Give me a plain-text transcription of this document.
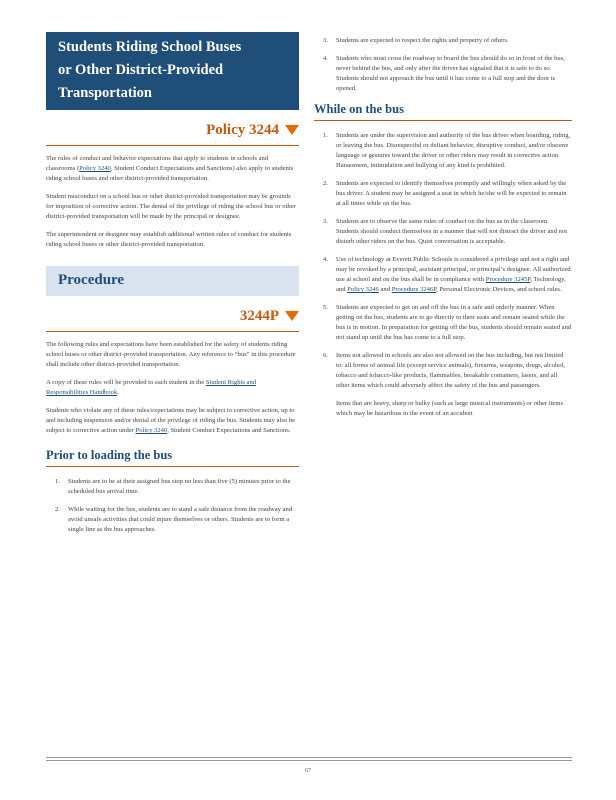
Students Riding School Buses
or Other District-Provided
Transportation
Policy 3244

The rules of conduct and behavior expectations that apply to students in schools and classrooms (Policy 3240, Student Conduct Expectations and Sanctions) also apply to students riding school buses and other district-provided transportation.

Student misconduct on a school bus or other district-provided transportation may be grounds for imposition of corrective action. The denial of the privilege of riding the school bus or other district-provided transportation will be made by the principal or designee.

The superintendent or designee may establish additional written rules of conduct for students riding school buses or other district-provided transportation.

Procedure
3244P

The following rules and expectations have been established for the safety of students riding school buses or other district-provided transportation. Any reference to “bus” in this procedure shall include other district-provided transportation.

A copy of these rules will be provided to each student in the Student Rights and Responsibilities Handbook.

Students who violate any of these rules/expectations may be subject to corrective action, up to and including suspension and/or denial of the privilege of riding the bus. Students may also be subject to corrective action under Policy 3240, Student Conduct Expectations and Sanctions.

Prior to loading the bus
1. Students are to be at their assigned bus stop no less than five (5) minutes prior to the scheduled bus arrival time.
2. While waiting for the bus, students are to stand a safe distance from the roadway and avoid unsafe activities that could injure themselves or others. Students are to form a single line as the bus approaches.
3. Students are expected to respect the rights and property of others.
4. Students who must cross the roadway to board the bus should do so in front of the bus, never behind the bus, and only after the driver has signaled that it is safe to do so. Students should not approach the bus until it has come to a full stop and the door is opened.
While on the bus
1. Students are under the supervision and authority of the bus driver when boarding, riding, or leaving the bus. Disrespectful or defiant behavior, disruptive conduct, and/or obscene language or gestures toward the driver or other riders may result in corrective action. Harassment, intimidation and bullying of any kind is prohibited.
2. Students are expected to identify themselves promptly and willingly when asked by the bus driver. A student may be assigned a seat in which he/she will be expected to remain at all times while on the bus.
3. Students are to observe the same rules of conduct on the bus as in the classroom. Students should conduct themselves in a manner that will not distract the driver and not disturb other riders on the bus. Quiet conversation is acceptable.
4. Use of technology at Everett Public Schools is considered a privilege and not a right and may be revoked by a principal, assistant principal, or principal’s designee. All authorized use at school and on the bus shall be in compliance with Procedure 3245P, Technology, and Policy 3246 and Procedure 3246P, Personal Electronic Devices, and school rules.
5. Students are expected to get on and off the bus in a safe and orderly manner. When getting on the bus, students are to go directly to their seats and remain seated while the bus is in motion. In preparation for getting off the bus, students should remain seated and not stand up until the bus has come to a full stop.
6. Items not allowed in schools are also not allowed on the bus including, but not limited to: all forms of animal life (except service animals), firearms, weapons, drugs, alcohol, tobacco and tobacco-like products, flammables, breakable containers, lasers, and all other items which could adversely affect the safety of the bus and passengers.
Items that are heavy, sharp or bulky (such as large musical instruments) or other items which may be hazardous in the event of an accident
67
